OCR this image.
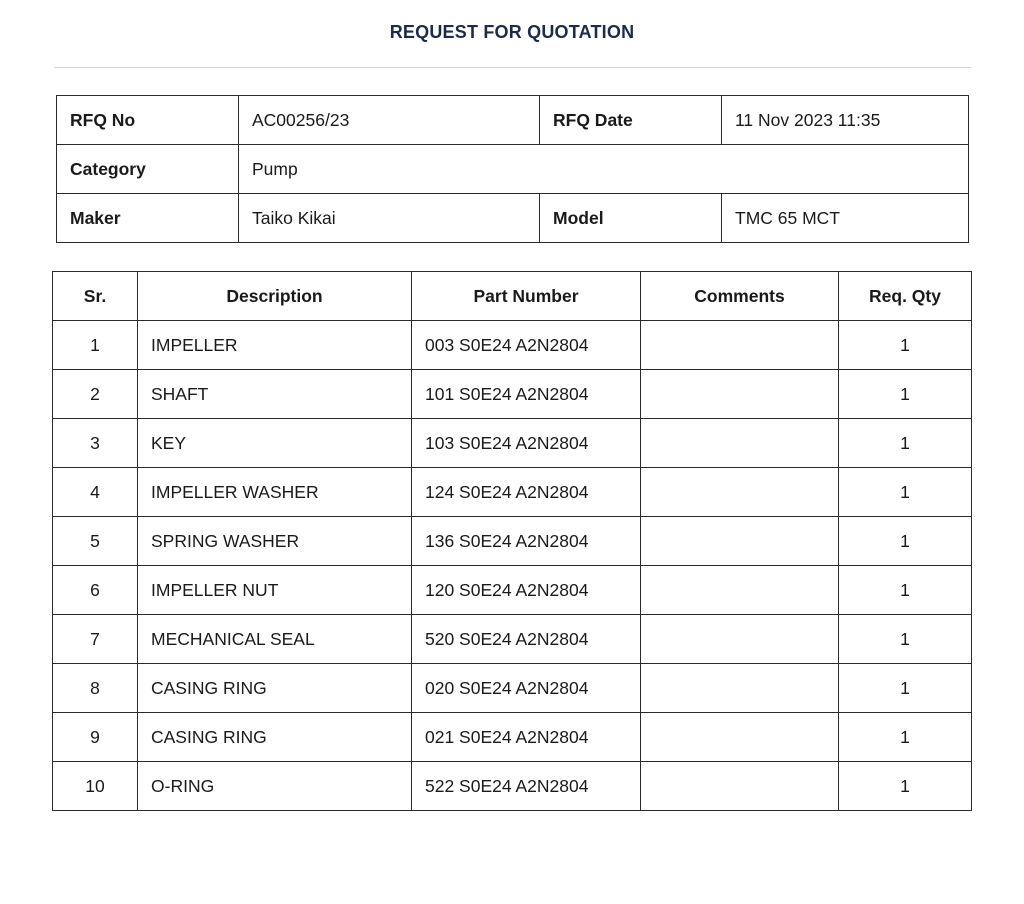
REQUEST FOR QUOTATION
RFQ No	AC00256/23	RFQ Date	11 Nov 2023 11:35
Category	Pump		
Maker	Taiko Kikai	Model	TMC 65 MCT
Sr.	Description	Part Number	Comments	Req. Qty
1	IMPELLER	003 S0E24 A2N2804		1
2	SHAFT	101 S0E24 A2N2804		1
3	KEY	103 S0E24 A2N2804		1
4	IMPELLER WASHER	124 S0E24 A2N2804		1
5	SPRING WASHER	136 S0E24 A2N2804		1
6	IMPELLER NUT	120 S0E24 A2N2804		1
7	MECHANICAL SEAL	520 S0E24 A2N2804		1
8	CASING RING	020 S0E24 A2N2804		1
9	CASING RING	021 S0E24 A2N2804		1
10	O-RING	522 S0E24 A2N2804		1
